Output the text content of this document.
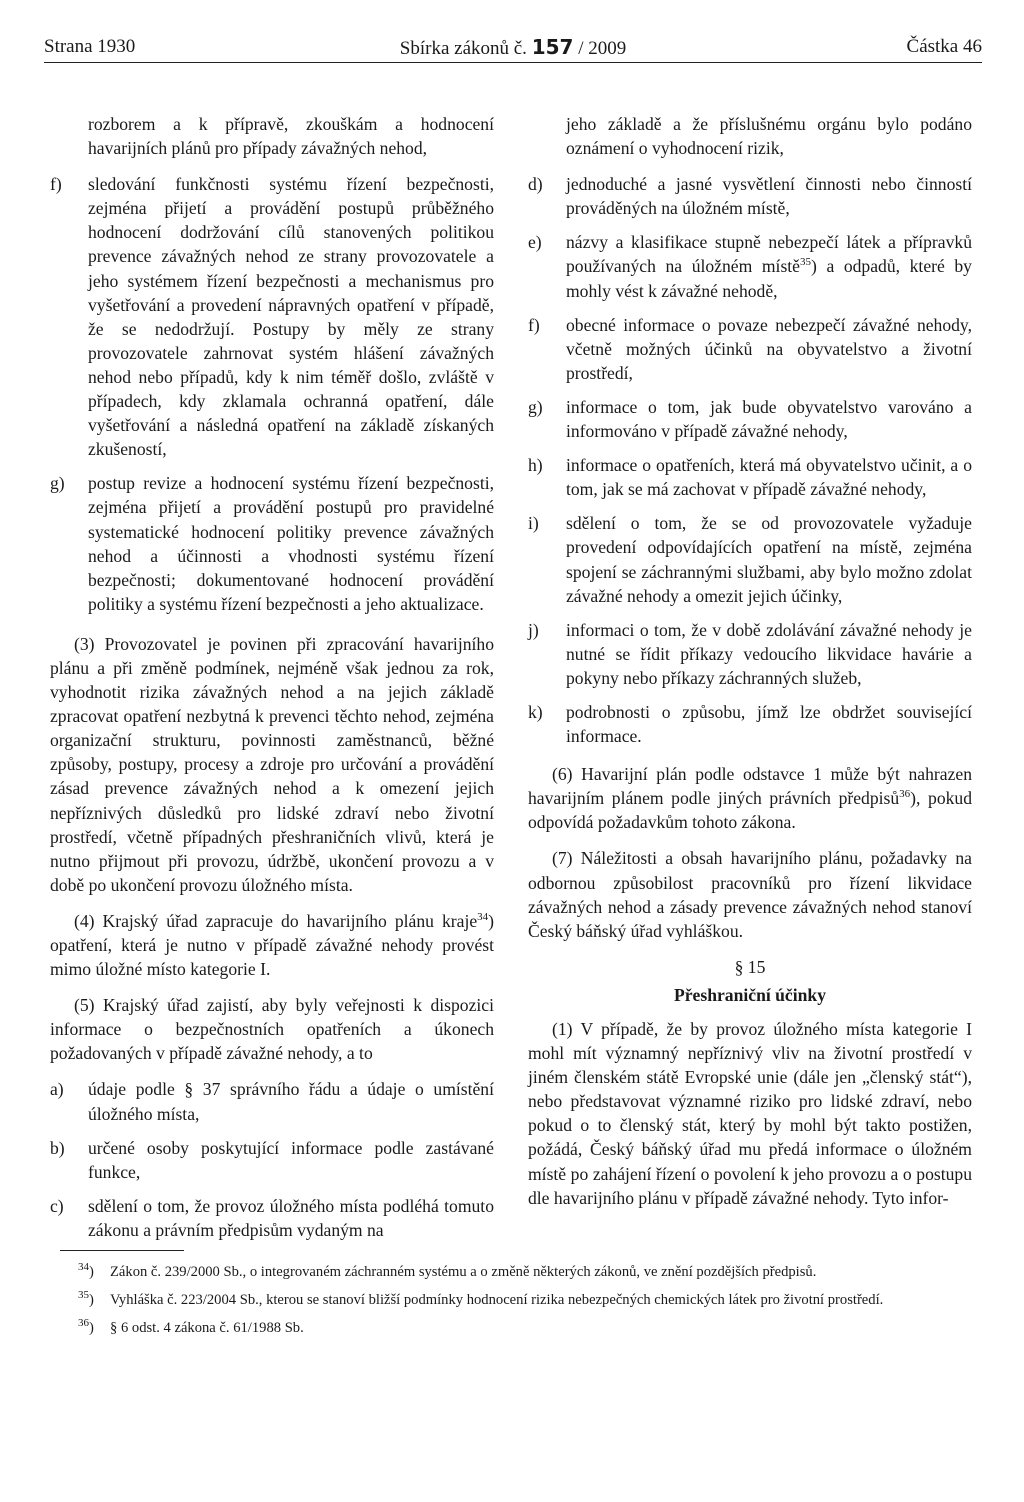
Strana 1930	Sbírka zákonů č. 157 / 2009	Částka 46

rozborem a k přípravě, zkouškám a hodnocení havarijních plánů pro případy závažných nehod,

f)	sledování funkčnosti systému řízení bezpečnosti, zejména přijetí a provádění postupů průběžného hodnocení dodržování cílů stanovených politikou prevence závažných nehod ze strany provozovatele a jeho systémem řízení bezpečnosti a mechanismus pro vyšetřování a provedení nápravných opatření v případě, že se nedodržují. Postupy by měly ze strany provozovatele zahrnovat systém hlášení závažných nehod nebo případů, kdy k nim téměř došlo, zvláště v případech, kdy zklamala ochranná opatření, dále vyšetřování a následná opatření na základě získaných zkušeností,
g)	postup revize a hodnocení systému řízení bezpečnosti, zejména přijetí a provádění postupů pro pravidelné systematické hodnocení politiky prevence závažných nehod a účinnosti a vhodnosti systému řízení bezpečnosti; dokumentované hodnocení provádění politiky a systému řízení bezpečnosti a jeho aktualizace.

(3) Provozovatel je povinen při zpracování havarijního plánu a při změně podmínek, nejméně však jednou za rok, vyhodnotit rizika závažných nehod a na jejich základě zpracovat opatření nezbytná k prevenci těchto nehod, zejména organizační strukturu, povinnosti zaměstnanců, běžné způsoby, postupy, procesy a zdroje pro určování a provádění zásad prevence závažných nehod a k omezení jejich nepříznivých důsledků pro lidské zdraví nebo životní prostředí, včetně případných přeshraničních vlivů, která je nutno přijmout při provozu, údržbě, ukončení provozu a v době po ukončení provozu úložného místa.

(4) Krajský úřad zapracuje do havarijního plánu kraje$^{34}$) opatření, která je nutno v případě závažné nehody provést mimo úložné místo kategorie I.

(5) Krajský úřad zajistí, aby byly veřejnosti k dispozici informace o bezpečnostních opatřeních a úkonech požadovaných v případě závažné nehody, a to

a)	údaje podle § 37 správního řádu a údaje o umístění úložného místa,
b)	určené osoby poskytující informace podle zastávané funkce,
c)	sdělení o tom, že provoz úložného místa podléhá tomuto zákonu a právním předpisům vydaným na

jeho základě a že příslušnému orgánu bylo podáno oznámení o vyhodnocení rizik,

d)	jednoduché a jasné vysvětlení činnosti nebo činností prováděných na úložném místě,
e)	názvy a klasifikace stupně nebezpečí látek a přípravků používaných na úložném místě$^{35}$) a odpadů, které by mohly vést k závažné nehodě,
f)	obecné informace o povaze nebezpečí závažné nehody, včetně možných účinků na obyvatelstvo a životní prostředí,
g)	informace o tom, jak bude obyvatelstvo varováno a informováno v případě závažné nehody,
h)	informace o opatřeních, která má obyvatelstvo učinit, a o tom, jak se má zachovat v případě závažné nehody,
i)	sdělení o tom, že se od provozovatele vyžaduje provedení odpovídajících opatření na místě, zejména spojení se záchrannými službami, aby bylo možno zdolat závažné nehody a omezit jejich účinky,
j)	informaci o tom, že v době zdolávání závažné nehody je nutné se řídit příkazy vedoucího likvidace havárie a pokyny nebo příkazy záchranných služeb,
k)	podrobnosti o způsobu, jímž lze obdržet související informace.

(6) Havarijní plán podle odstavce 1 může být nahrazen havarijním plánem podle jiných právních předpisů$^{36}$), pokud odpovídá požadavkům tohoto zákona.

(7) Náležitosti a obsah havarijního plánu, požadavky na odbornou způsobilost pracovníků pro řízení likvidace závažných nehod a zásady prevence závažných nehod stanoví Český báňský úřad vyhláškou.

§ 15
Přeshraniční účinky

(1) V případě, že by provoz úložného místa kategorie I mohl mít významný nepříznivý vliv na životní prostředí v jiném členském státě Evropské unie (dále jen „členský stát“), nebo představovat významné riziko pro lidské zdraví, nebo pokud o to členský stát, který by mohl být takto postižen, požádá, Český báňský úřad mu předá informace o úložném místě po zahájení řízení o povolení k jeho provozu a o postupu dle havarijního plánu v případě závažné nehody. Tyto infor-

$^{34}$) Zákon č. 239/2000 Sb., o integrovaném záchranném systému a o změně některých zákonů, ve znění pozdějších předpisů.
$^{35}$) Vyhláška č. 223/2004 Sb., kterou se stanoví bližší podmínky hodnocení rizika nebezpečných chemických látek pro životní prostředí.
$^{36}$) § 6 odst. 4 zákona č. 61/1988 Sb.
